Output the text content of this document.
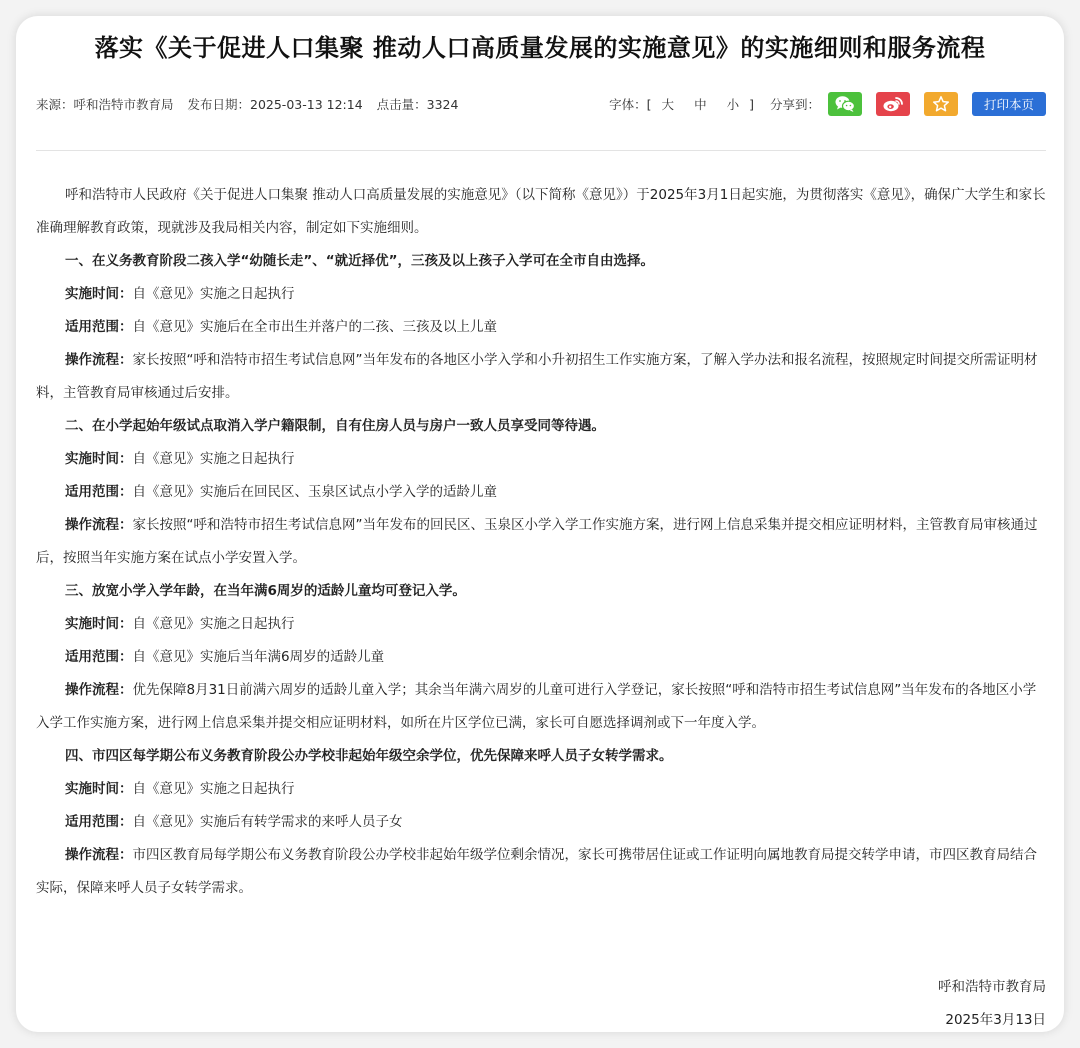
落实《关于促进人口集聚 推动人口高质量发展的实施意见》的实施细则和服务流程
来源：呼和浩特市教育局 发布日期：2025-03-13 12:14 点击量：3324	字体：[ 大 中 小 ] 分享到：	打印本页

呼和浩特市人民政府《关于促进人口集聚 推动人口高质量发展的实施意见》（以下简称《意见》）于2025年3月1日起实施，为贯彻落实《意见》，确保广大学生和家长准确理解教育政策，现就涉及我局相关内容，制定如下实施细则。

一、在义务教育阶段二孩入学“幼随长走”、“就近择优”，三孩及以上孩子入学可在全市自由选择。

实施时间：自《意见》实施之日起执行

适用范围：自《意见》实施后在全市出生并落户的二孩、三孩及以上儿童

操作流程：家长按照“呼和浩特市招生考试信息网”当年发布的各地区小学入学和小升初招生工作实施方案，了解入学办法和报名流程，按照规定时间提交所需证明材料，主管教育局审核通过后安排。

二、在小学起始年级试点取消入学户籍限制，自有住房人员与房户一致人员享受同等待遇。

实施时间：自《意见》实施之日起执行

适用范围：自《意见》实施后在回民区、玉泉区试点小学入学的适龄儿童

操作流程：家长按照“呼和浩特市招生考试信息网”当年发布的回民区、玉泉区小学入学工作实施方案，进行网上信息采集并提交相应证明材料，主管教育局审核通过后，按照当年实施方案在试点小学安置入学。

三、放宽小学入学年龄，在当年满6周岁的适龄儿童均可登记入学。

实施时间：自《意见》实施之日起执行

适用范围：自《意见》实施后当年满6周岁的适龄儿童

操作流程：优先保障8月31日前满六周岁的适龄儿童入学；其余当年满六周岁的儿童可进行入学登记，家长按照“呼和浩特市招生考试信息网”当年发布的各地区小学入学工作实施方案，进行网上信息采集并提交相应证明材料，如所在片区学位已满，家长可自愿选择调剂或下一年度入学。

四、市四区每学期公布义务教育阶段公办学校非起始年级空余学位，优先保障来呼人员子女转学需求。

实施时间：自《意见》实施之日起执行

适用范围：自《意见》实施后有转学需求的来呼人员子女

操作流程：市四区教育局每学期公布义务教育阶段公办学校非起始年级学位剩余情况，家长可携带居住证或工作证明向属地教育局提交转学申请，市四区教育局结合实际，保障来呼人员子女转学需求。

呼和浩特市教育局
2025年3月13日
